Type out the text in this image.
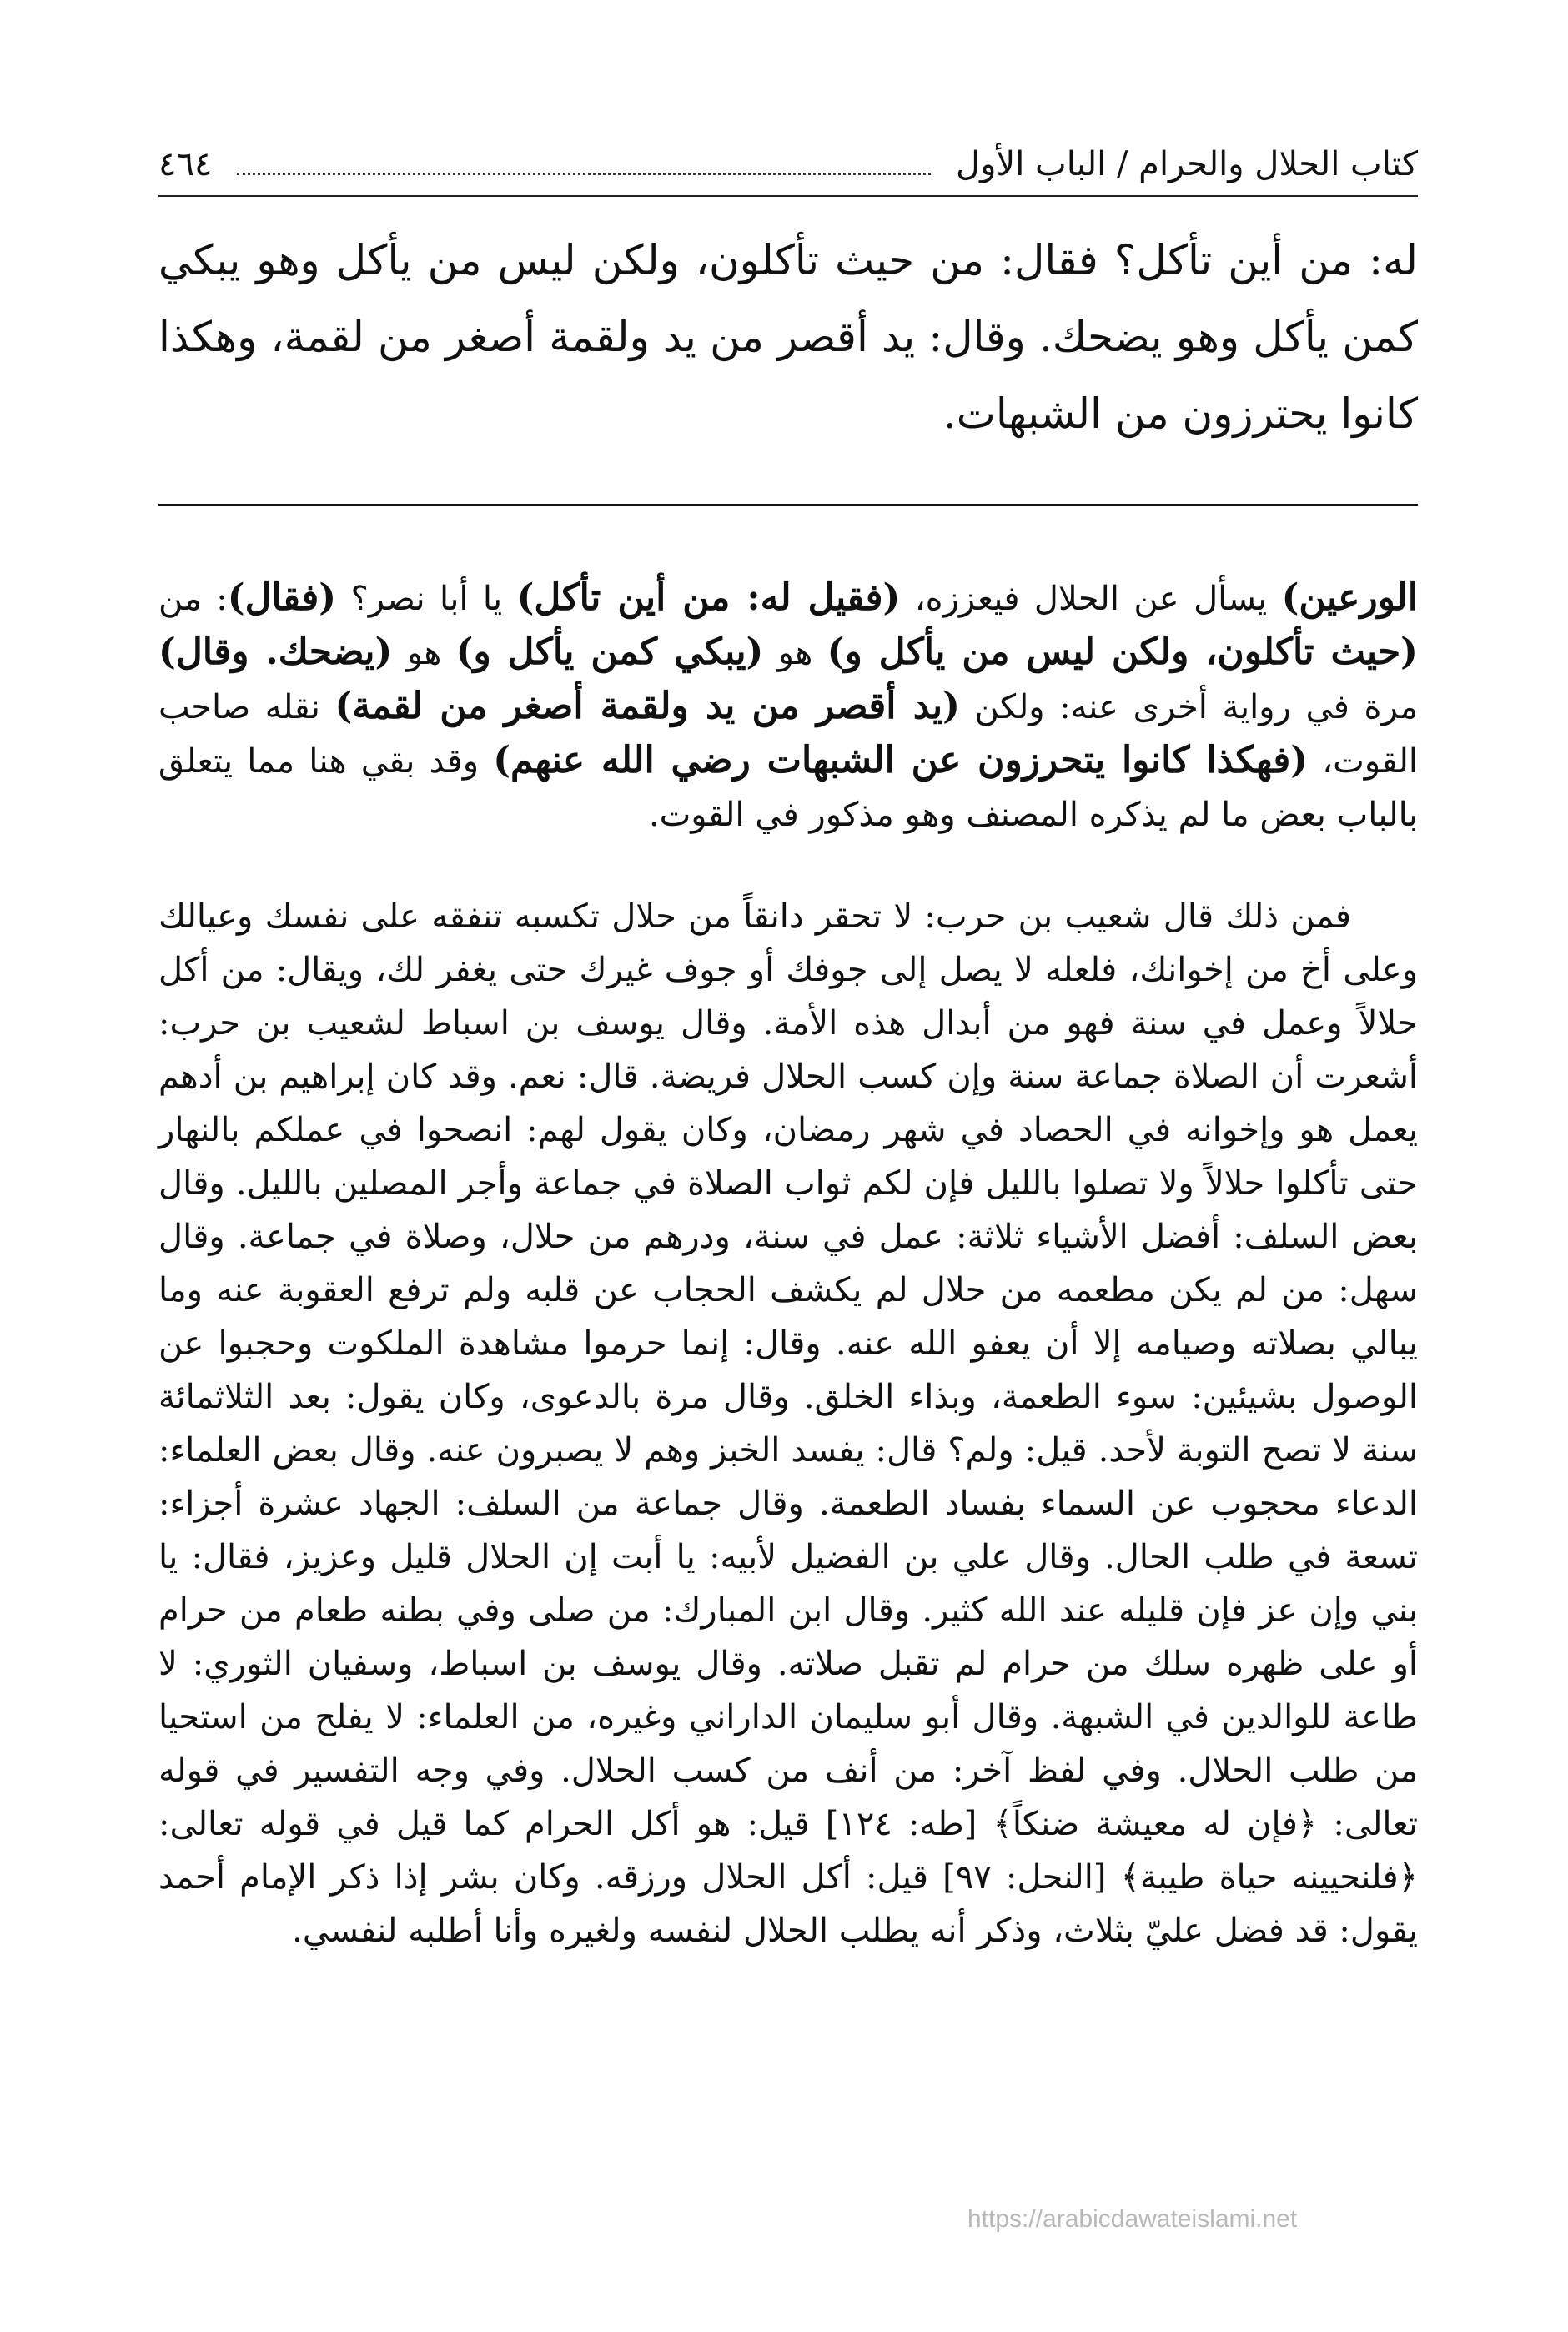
كتاب الحلال والحرام / الباب الأول
٤٦٤
له: من أين تأكل؟ فقال: من حيث تأكلون، ولكن ليس من يأكل وهو يبكي كمن يأكل وهو يضحك. وقال: يد أقصر من يد ولقمة أصغر من لقمة، وهكذا كانوا يحترزون من الشبهات.

الورعين) يسأل عن الحلال فيعززه، (فقيل له: من أين تأكل) يا أبا نصر؟ (فقال): من (حيث تأكلون، ولكن ليس من يأكل و) هو (يبكي كمن يأكل و) هو (يضحك. وقال) مرة في رواية أخرى عنه: ولكن (يد أقصر من يد ولقمة أصغر من لقمة) نقله صاحب القوت، (فهكذا كانوا يتحرزون عن الشبهات رضي الله عنهم) وقد بقي هنا مما يتعلق بالباب بعض ما لم يذكره المصنف وهو مذكور في القوت.

فمن ذلك قال شعيب بن حرب: لا تحقر دانقاً من حلال تكسبه تنفقه على نفسك وعيالك وعلى أخ من إخوانك، فلعله لا يصل إلى جوفك أو جوف غيرك حتى يغفر لك، ويقال: من أكل حلالاً وعمل في سنة فهو من أبدال هذه الأمة. وقال يوسف بن اسباط لشعيب بن حرب: أشعرت أن الصلاة جماعة سنة وإن كسب الحلال فريضة. قال: نعم. وقد كان إبراهيم بن أدهم يعمل هو وإخوانه في الحصاد في شهر رمضان، وكان يقول لهم: انصحوا في عملكم بالنهار حتى تأكلوا حلالاً ولا تصلوا بالليل فإن لكم ثواب الصلاة في جماعة وأجر المصلين بالليل. وقال بعض السلف: أفضل الأشياء ثلاثة: عمل في سنة، ودرهم من حلال، وصلاة في جماعة. وقال سهل: من لم يكن مطعمه من حلال لم يكشف الحجاب عن قلبه ولم ترفع العقوبة عنه وما يبالي بصلاته وصيامه إلا أن يعفو الله عنه. وقال: إنما حرموا مشاهدة الملكوت وحجبوا عن الوصول بشيئين: سوء الطعمة، وبذاء الخلق. وقال مرة بالدعوى، وكان يقول: بعد الثلاثمائة سنة لا تصح التوبة لأحد. قيل: ولم؟ قال: يفسد الخبز وهم لا يصبرون عنه. وقال بعض العلماء: الدعاء محجوب عن السماء بفساد الطعمة. وقال جماعة من السلف: الجهاد عشرة أجزاء: تسعة في طلب الحال. وقال علي بن الفضيل لأبيه: يا أبت إن الحلال قليل وعزيز، فقال: يا بني وإن عز فإن قليله عند الله كثير. وقال ابن المبارك: من صلى وفي بطنه طعام من حرام أو على ظهره سلك من حرام لم تقبل صلاته. وقال يوسف بن اسباط، وسفيان الثوري: لا طاعة للوالدين في الشبهة. وقال أبو سليمان الداراني وغيره، من العلماء: لا يفلح من استحيا من طلب الحلال. وفي لفظ آخر: من أنف من كسب الحلال. وفي وجه التفسير في قوله تعالى: ﴿فإن له معيشة ضنكاً﴾ [طه: ١٢٤] قيل: هو أكل الحرام كما قيل في قوله تعالى: ﴿فلنحيينه حياة طيبة﴾ [النحل: ٩٧] قيل: أكل الحلال ورزقه. وكان بشر إذا ذكر الإمام أحمد يقول: قد فضل عليّ بثلاث، وذكر أنه يطلب الحلال لنفسه ولغيره وأنا أطلبه لنفسي.

https://arabicdawateislami.net
